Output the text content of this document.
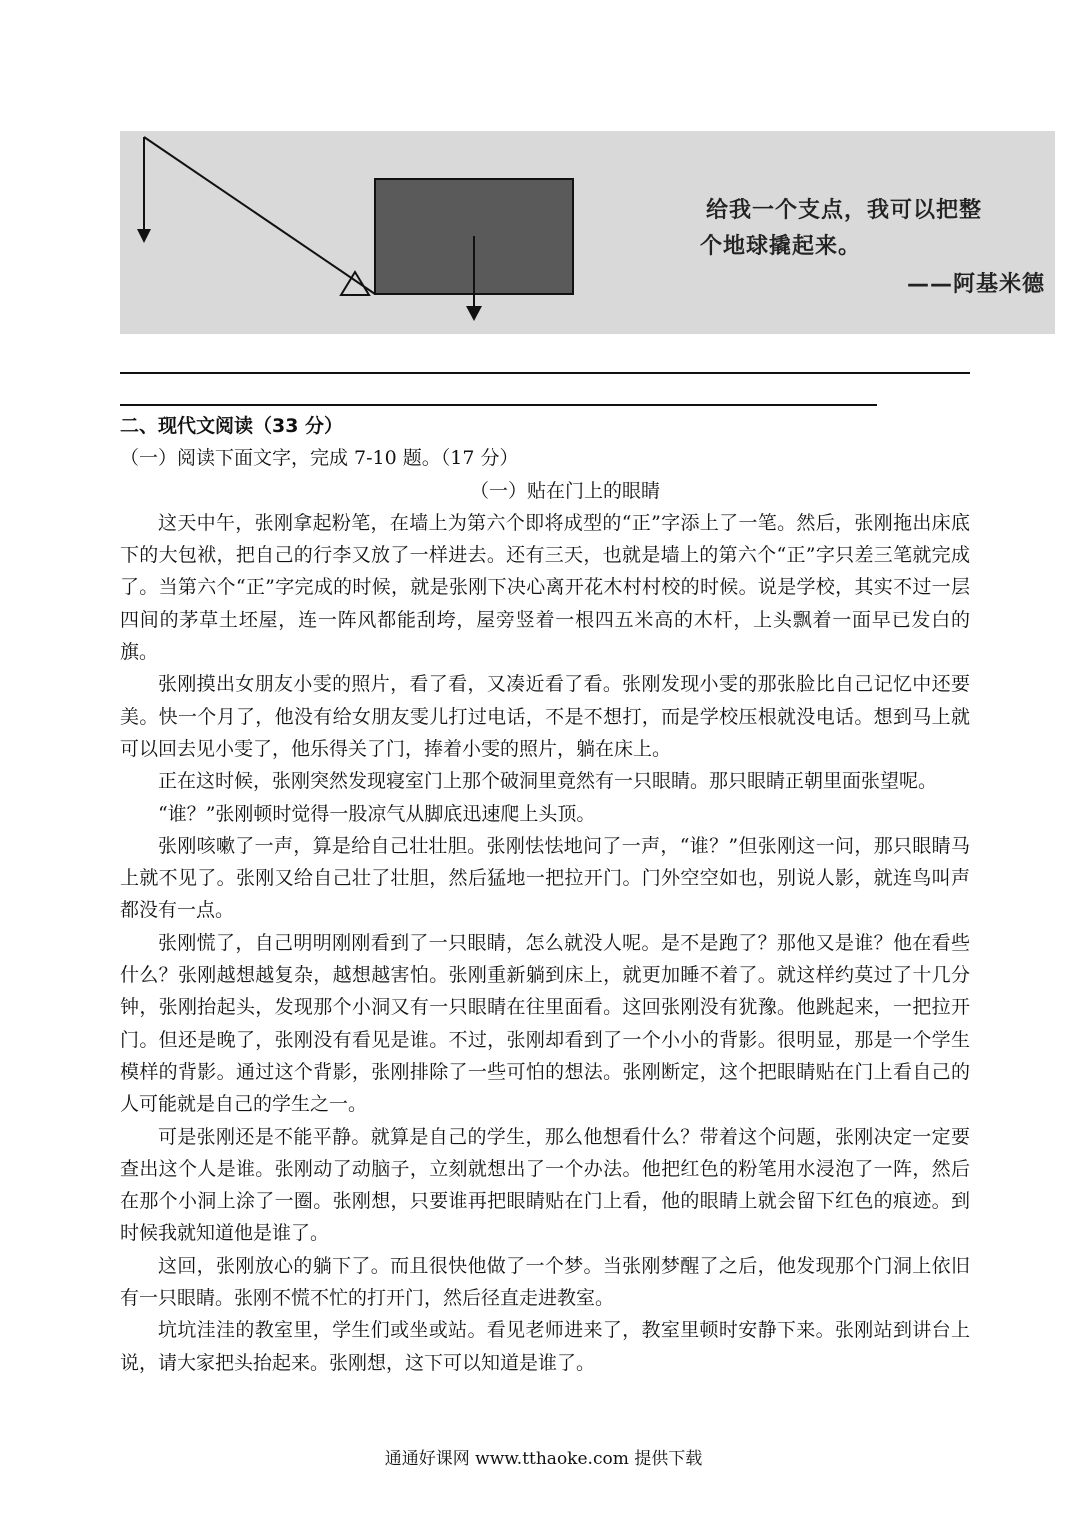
给我一个支点，我可以把整
个地球撬起来。
——阿基米德

二、现代文阅读（33 分）

（一）阅读下面文字，完成 7-10 题。（17 分）

（一）贴在门上的眼睛

这天中午，张刚拿起粉笔，在墙上为第六个即将成型的“正”字添上了一笔。然后，张刚拖出床底下的大包袱，把自己的行李又放了一样进去。还有三天，也就是墙上的第六个“正”字只差三笔就完成了。当第六个“正”字完成的时候，就是张刚下决心离开花木村村校的时候。说是学校，其实不过一层四间的茅草土坯屋，连一阵风都能刮垮，屋旁竖着一根四五米高的木杆，上头飘着一面早已发白的旗。

张刚摸出女朋友小雯的照片，看了看，又凑近看了看。张刚发现小雯的那张脸比自己记忆中还要美。快一个月了，他没有给女朋友雯儿打过电话，不是不想打，而是学校压根就没电话。想到马上就可以回去见小雯了，他乐得关了门，捧着小雯的照片，躺在床上。

正在这时候，张刚突然发现寝室门上那个破洞里竟然有一只眼睛。那只眼睛正朝里面张望呢。

“谁？”张刚顿时觉得一股凉气从脚底迅速爬上头顶。

张刚咳嗽了一声，算是给自己壮壮胆。张刚怯怯地问了一声，“谁？”但张刚这一问，那只眼睛马上就不见了。张刚又给自己壮了壮胆，然后猛地一把拉开门。门外空空如也，别说人影，就连鸟叫声都没有一点。

张刚慌了，自己明明刚刚看到了一只眼睛，怎么就没人呢。是不是跑了？那他又是谁？他在看些什么？张刚越想越复杂，越想越害怕。张刚重新躺到床上，就更加睡不着了。就这样约莫过了十几分钟，张刚抬起头，发现那个小洞又有一只眼睛在往里面看。这回张刚没有犹豫。他跳起来，一把拉开门。但还是晚了，张刚没有看见是谁。不过，张刚却看到了一个小小的背影。很明显，那是一个学生模样的背影。通过这个背影，张刚排除了一些可怕的想法。张刚断定，这个把眼睛贴在门上看自己的人可能就是自己的学生之一。

可是张刚还是不能平静。就算是自己的学生，那么他想看什么？带着这个问题，张刚决定一定要查出这个人是谁。张刚动了动脑子，立刻就想出了一个办法。他把红色的粉笔用水浸泡了一阵，然后在那个小洞上涂了一圈。张刚想，只要谁再把眼睛贴在门上看，他的眼睛上就会留下红色的痕迹。到时候我就知道他是谁了。

这回，张刚放心的躺下了。而且很快他做了一个梦。当张刚梦醒了之后，他发现那个门洞上依旧有一只眼睛。张刚不慌不忙的打开门，然后径直走进教室。

坑坑洼洼的教室里，学生们或坐或站。看见老师进来了，教室里顿时安静下来。张刚站到讲台上说，请大家把头抬起来。张刚想，这下可以知道是谁了。

通通好课网 www.tthaoke.com 提供下载
